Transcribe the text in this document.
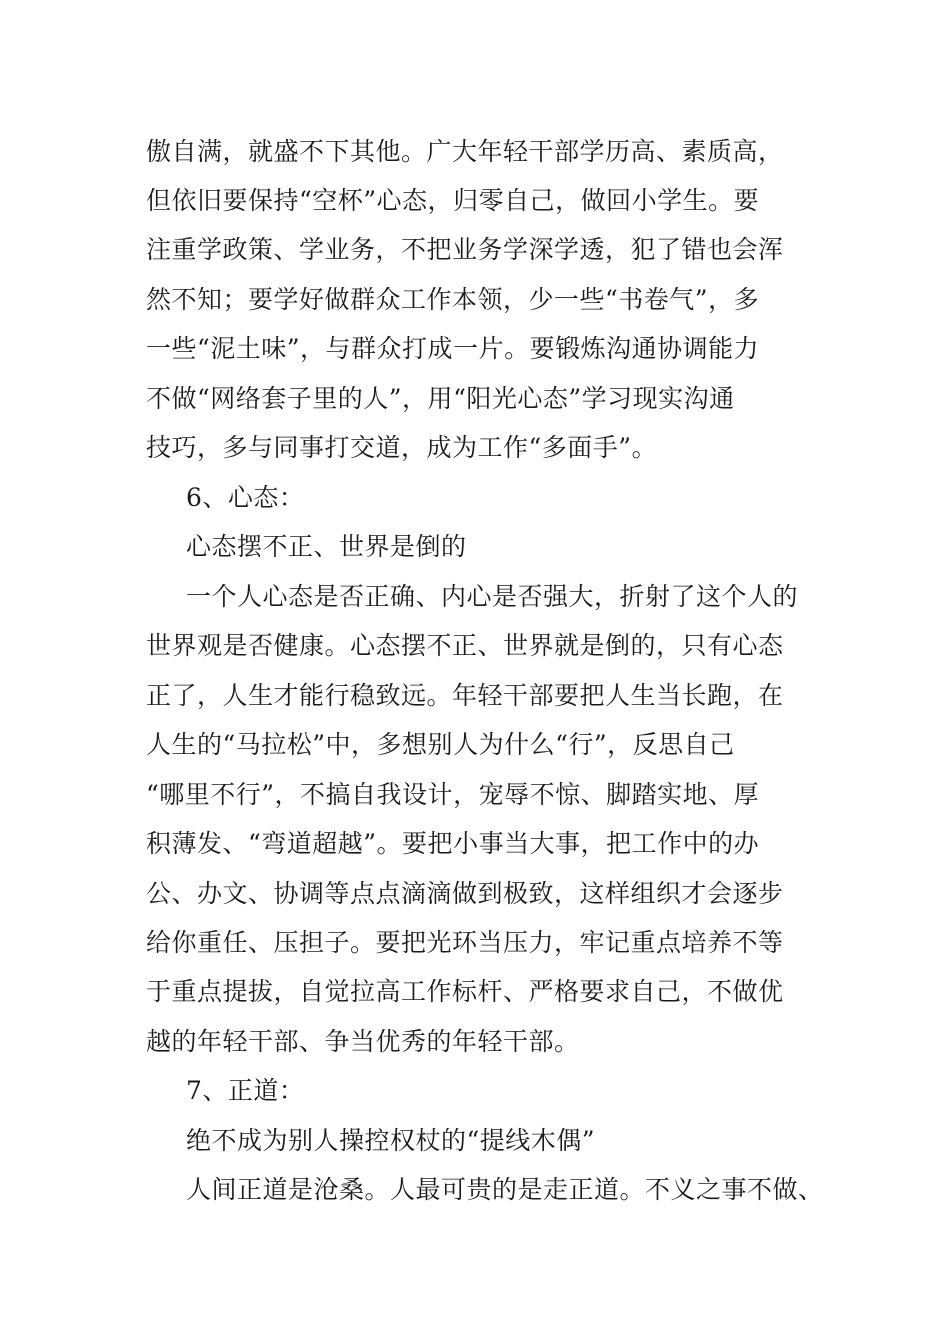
傲自满，就盛不下其他。广大年轻干部学历高、素质高，

但依旧要保持“空杯”心态，归零自己，做回小学生。要

注重学政策、学业务，不把业务学深学透，犯了错也会浑

然不知；要学好做群众工作本领，少一些“书卷气”，多

一些“泥土味”，与群众打成一片。要锻炼沟通协调能力

不做“网络套子里的人”，用“阳光心态”学习现实沟通

技巧，多与同事打交道，成为工作“多面手”。

6、心态：

心态摆不正、世界是倒的

一个人心态是否正确、内心是否强大，折射了这个人的

世界观是否健康。心态摆不正、世界就是倒的，只有心态

正了，人生才能行稳致远。年轻干部要把人生当长跑，在

人生的“马拉松”中，多想别人为什么“行”，反思自己

“哪里不行”，不搞自我设计，宠辱不惊、脚踏实地、厚

积薄发、“弯道超越”。要把小事当大事，把工作中的办

公、办文、协调等点点滴滴做到极致，这样组织才会逐步

给你重任、压担子。要把光环当压力，牢记重点培养不等

于重点提拔，自觉拉高工作标杆、严格要求自己，不做优

越的年轻干部、争当优秀的年轻干部。

7、正道：

绝不成为别人操控权杖的“提线木偶”

人间正道是沧桑。人最可贵的是走正道。不义之事不做、
